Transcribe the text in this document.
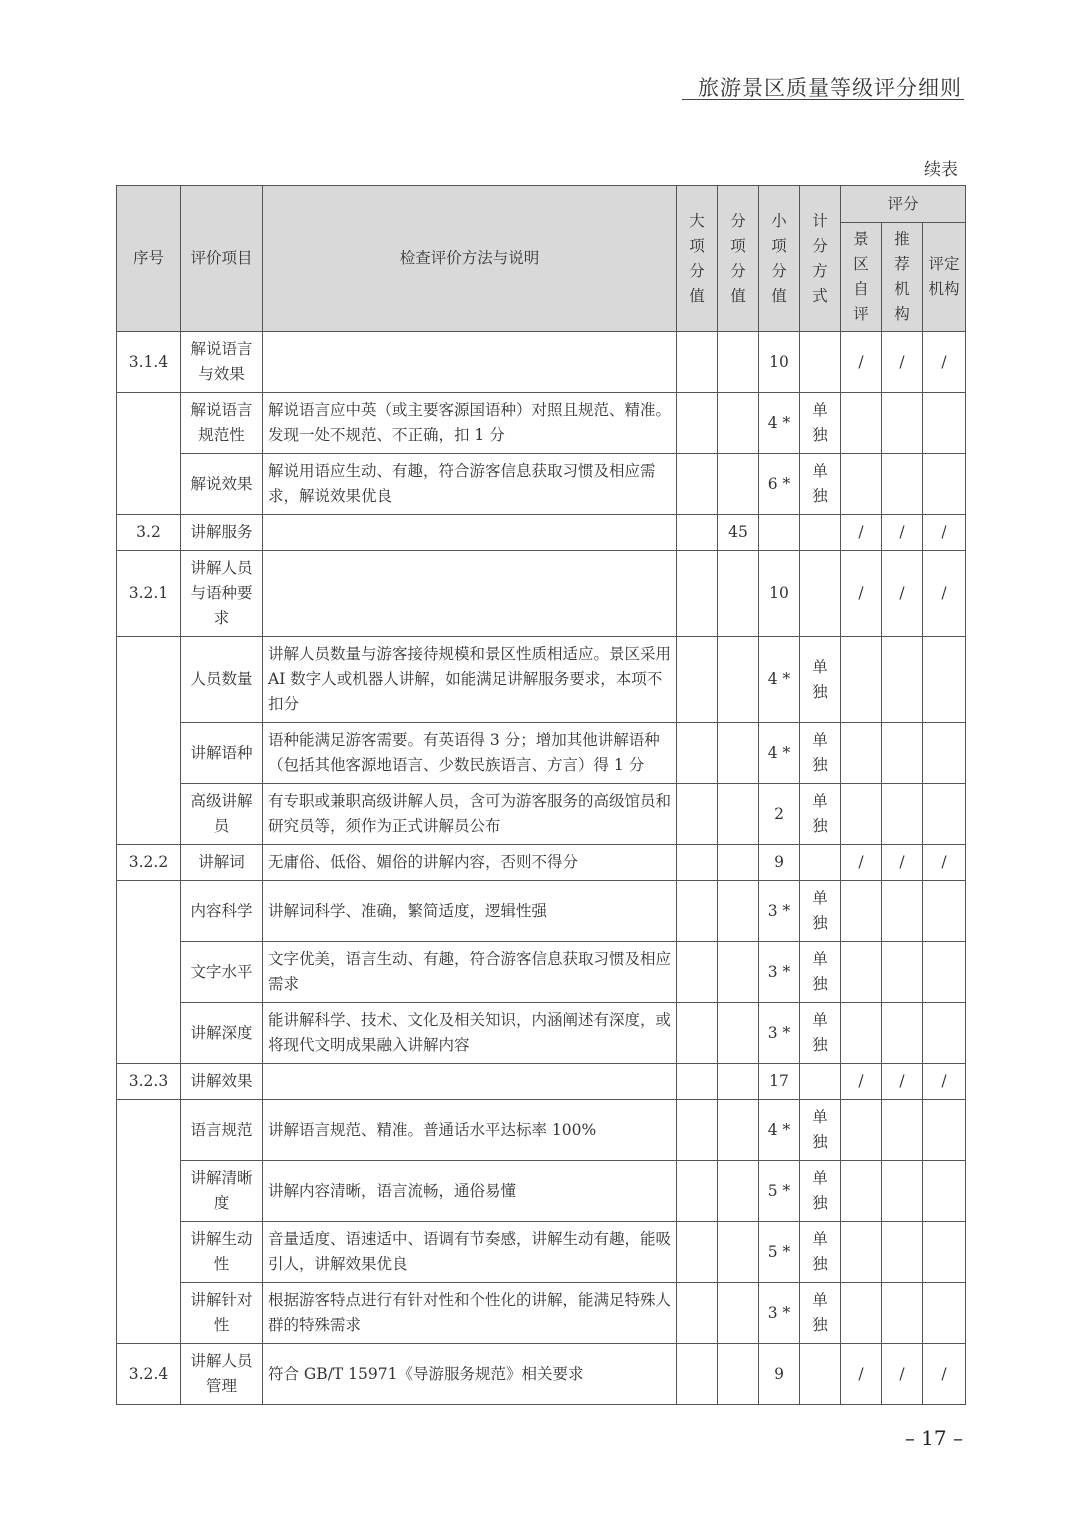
旅游景区质量等级评分细则
续表
序号	评价项目	检查评价方法与说明	大项分值	分项分值	小项分值	计分方式	评分		
							景区自评	推荐机构	评定机构
3.1.4	解说语言与效果				10		/	/	/
	解说语言规范性	解说语言应中英（或主要客源国语种）对照且规范、精准。发现一处不规范、不正确，扣 1 分			4 *	单独			
	解说效果	解说用语应生动、有趣，符合游客信息获取习惯及相应需求，解说效果优良			6 *	单独			
3.2	讲解服务			45			/	/	/
3.2.1	讲解人员与语种要求				10		/	/	/
	人员数量	讲解人员数量与游客接待规模和景区性质相适应。景区采用 AI 数字人或机器人讲解，如能满足讲解服务要求，本项不扣分			4 *	单独			
	讲解语种	语种能满足游客需要。有英语得 3 分；增加其他讲解语种（包括其他客源地语言、少数民族语言、方言）得 1 分			4 *	单独			
	高级讲解员	有专职或兼职高级讲解人员，含可为游客服务的高级馆员和研究员等，须作为正式讲解员公布			2	单独			
3.2.2	讲解词	无庸俗、低俗、媚俗的讲解内容，否则不得分			9		/	/	/
	内容科学	讲解词科学、准确，繁简适度，逻辑性强			3 *	单独			
	文字水平	文字优美，语言生动、有趣，符合游客信息获取习惯及相应需求			3 *	单独			
	讲解深度	能讲解科学、技术、文化及相关知识，内涵阐述有深度，或将现代文明成果融入讲解内容			3 *	单独			
3.2.3	讲解效果				17		/	/	/
	语言规范	讲解语言规范、精准。普通话水平达标率 100%			4 *	单独			
	讲解清晰度	讲解内容清晰，语言流畅，通俗易懂			5 *	单独			
	讲解生动性	音量适度、语速适中、语调有节奏感，讲解生动有趣，能吸引人，讲解效果优良			5 *	单独			
	讲解针对性	根据游客特点进行有针对性和个性化的讲解，能满足特殊人群的特殊需求			3 *	单独			
3.2.4	讲解人员管理	符合 GB/T 15971《导游服务规范》相关要求			9		/	/	/
– 17 –
